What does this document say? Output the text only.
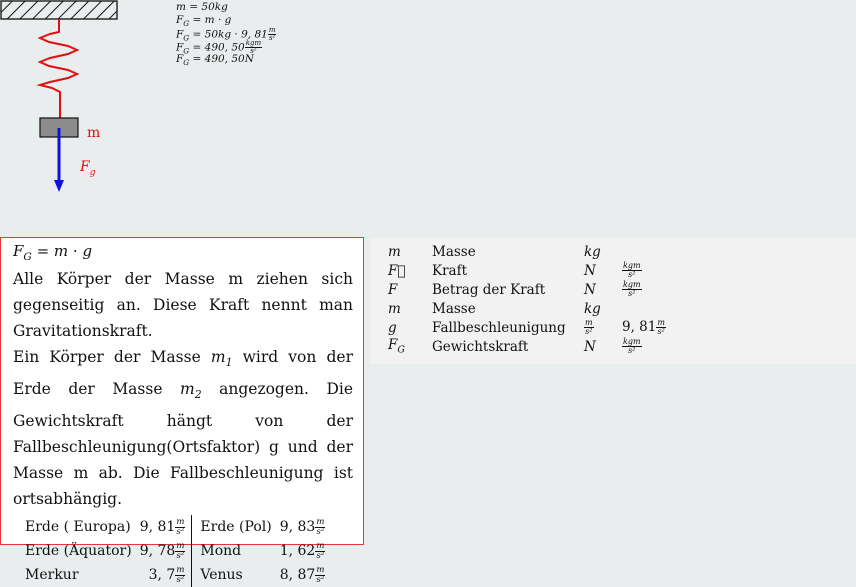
m
$F_g$
m = 50kg
$F_G = m \cdot g$
$F_G = 50kg \cdot 9$, $81 \frac{m}{\text{s²}}$
$F_G = 490$, $50 \frac{\text{kgm}}{\text{s²}}$
$F_G = 490$, 50N
$F_G = m \cdot g$

Alle Körper der Masse m ziehen sich gegenseitig an. Diese Kraft nennt man Gravitationskraft.

Ein Körper der Masse $m_1$ wird von der Erde der Masse $m_2$ angezogen. Die Gewichtskraft hängt von der Fallbeschleunigung(Ortsfaktor) g und der Masse m ab. Die Fallbeschleunigung ist ortsabhängig.

Erde ( Europa)	9, $81 \frac{m}{\text{s²}}$	Erde (Pol)	9, $83 \frac{m}{\text{s²}}$

Erde (Äquator)	9, $78 \frac{m}{\text{s²}}$	Mond	1, $62 \frac{m}{\text{s²}}$

Merkur	3, $7 \frac{m}{\text{s²}}$	Venus	8, $87 \frac{m}{\text{s²}}$
m	Masse	kg	
F⃗	Kraft	N	$\frac{\text{kgm}}{\text{s²}}$

F	Betrag der Kraft	N	$\frac{\text{kgm}}{\text{s²}}$

m	Masse	kg	
g	Fallbeschleunigung	$\frac{m}{\text{s²}}$	9, $81 \frac{m}{\text{s²}}$

$F_G$	Gewichtskraft	N	$\frac{\text{kgm}}{\text{s²}}$
